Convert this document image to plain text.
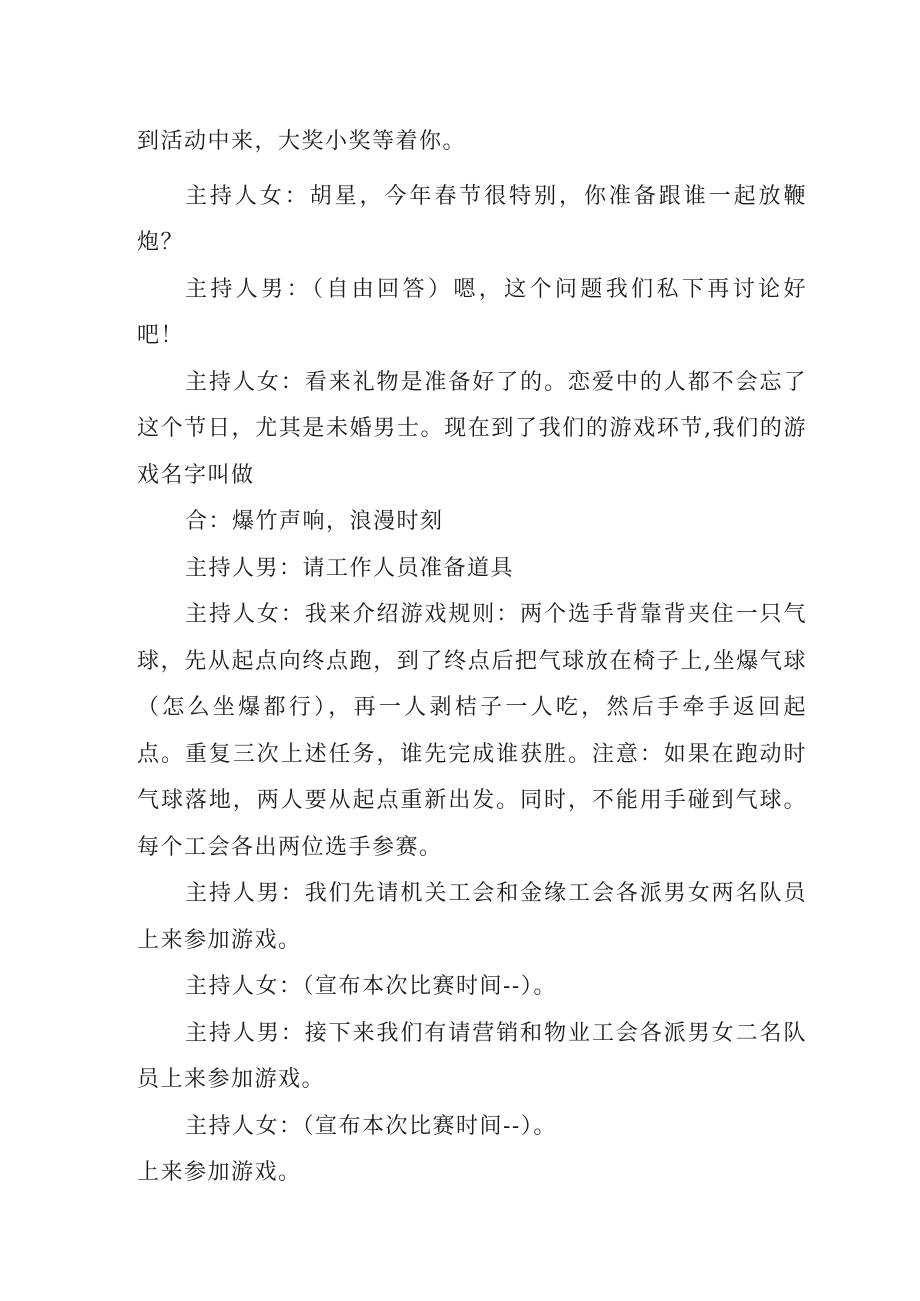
到活动中来，大奖小奖等着你。

主持人女：胡星，今年春节很特别，你准备跟谁一起放鞭炮？

主持人男：（自由回答）嗯，这个问题我们私下再讨论好吧！

主持人女：看来礼物是准备好了的。恋爱中的人都不会忘了这个节日，尤其是未婚男士。现在到了我们的游戏环节,我们的游戏名字叫做

合：爆竹声响，浪漫时刻

主持人男：请工作人员准备道具

主持人女：我来介绍游戏规则：两个选手背靠背夹住一只气球，先从起点向终点跑，到了终点后把气球放在椅子上,坐爆气球（怎么坐爆都行），再一人剥桔子一人吃，然后手牵手返回起点。重复三次上述任务，谁先完成谁获胜。注意：如果在跑动时气球落地，两人要从起点重新出发。同时，不能用手碰到气球。每个工会各出两位选手参赛。

主持人男：我们先请机关工会和金缘工会各派男女两名队员上来参加游戏。

主持人女：（宣布本次比赛时间--）。

主持人男：接下来我们有请营销和物业工会各派男女二名队员上来参加游戏。

主持人女：（宣布本次比赛时间--）。

上来参加游戏。
